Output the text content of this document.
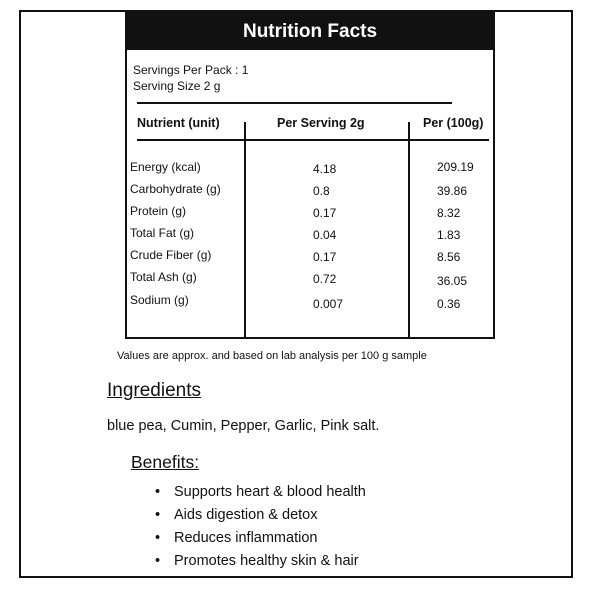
Nutrition Facts
Servings Per Pack : 1
Serving Size 2 g
Nutrient (unit)	Per Serving 2g	Per (100g)
Energy (kcal)	4.18	209.19
Carbohydrate (g)	0.8	39.86
Protein (g)	0.17	8.32
Total Fat (g)	0.04	1.83
Crude Fiber (g)	0.17	8.56
Total Ash (g)	0.72	36.05
Sodium (g)	0.007	0.36
Values are approx. and based on lab analysis per 100 g sample
Ingredients
blue pea, Cumin, Pepper, Garlic, Pink salt.
Benefits:
• Supports heart & blood health
• Aids digestion & detox
• Reduces inflammation
• Promotes healthy skin & hair
